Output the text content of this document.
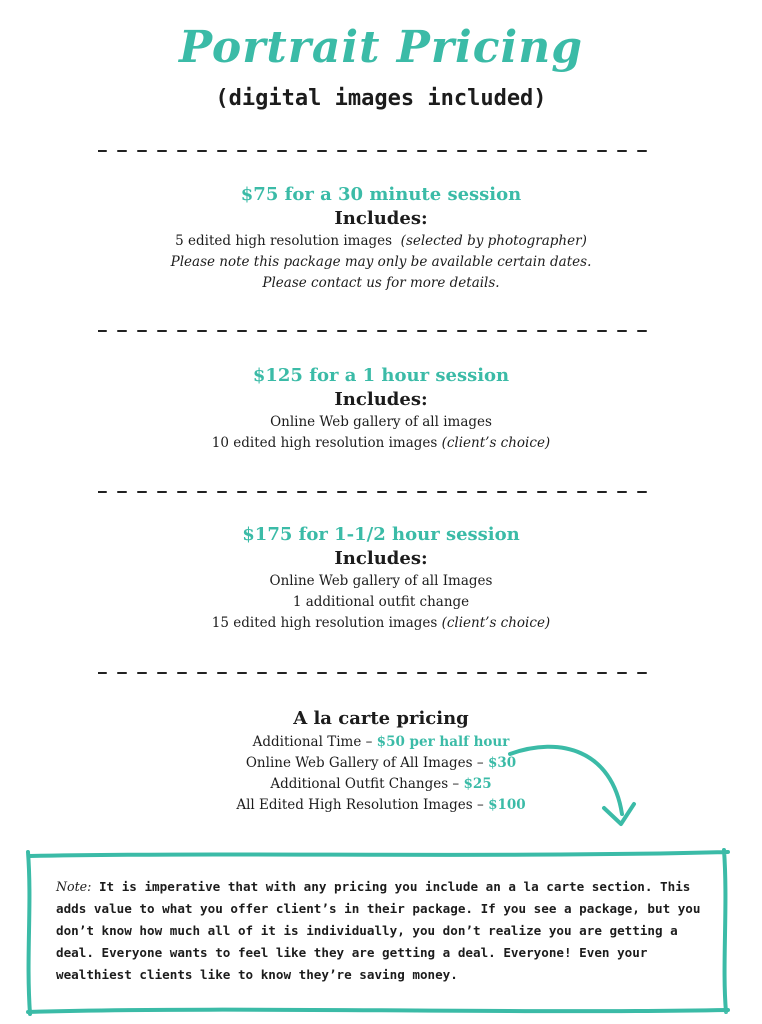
Portrait Pricing

(digital images included)

$75 for a 30 minute session

Includes:

5 edited high resolution images (selected by photographer)

Please note this package may only be available certain dates.

Please contact us for more details.

$125 for a 1 hour session

Includes:

Online Web gallery of all images

10 edited high resolution images (client’s choice)

$175 for 1-1/2 hour session

Includes:

Online Web gallery of all Images

1 additional outfit change

15 edited high resolution images (client’s choice)

A la carte pricing

Additional Time – $50 per half hour

Online Web Gallery of All Images – $30

Additional Outfit Changes – $25

All Edited High Resolution Images – $100

Note: It is imperative that with any pricing you include an a la carte section. This adds value to what you offer client’s in their package. If you see a package, but you don’t know how much all of it is individually, you don’t realize you are getting a deal. Everyone wants to feel like they are getting a deal. Everyone! Even your wealthiest clients like to know they’re saving money.
